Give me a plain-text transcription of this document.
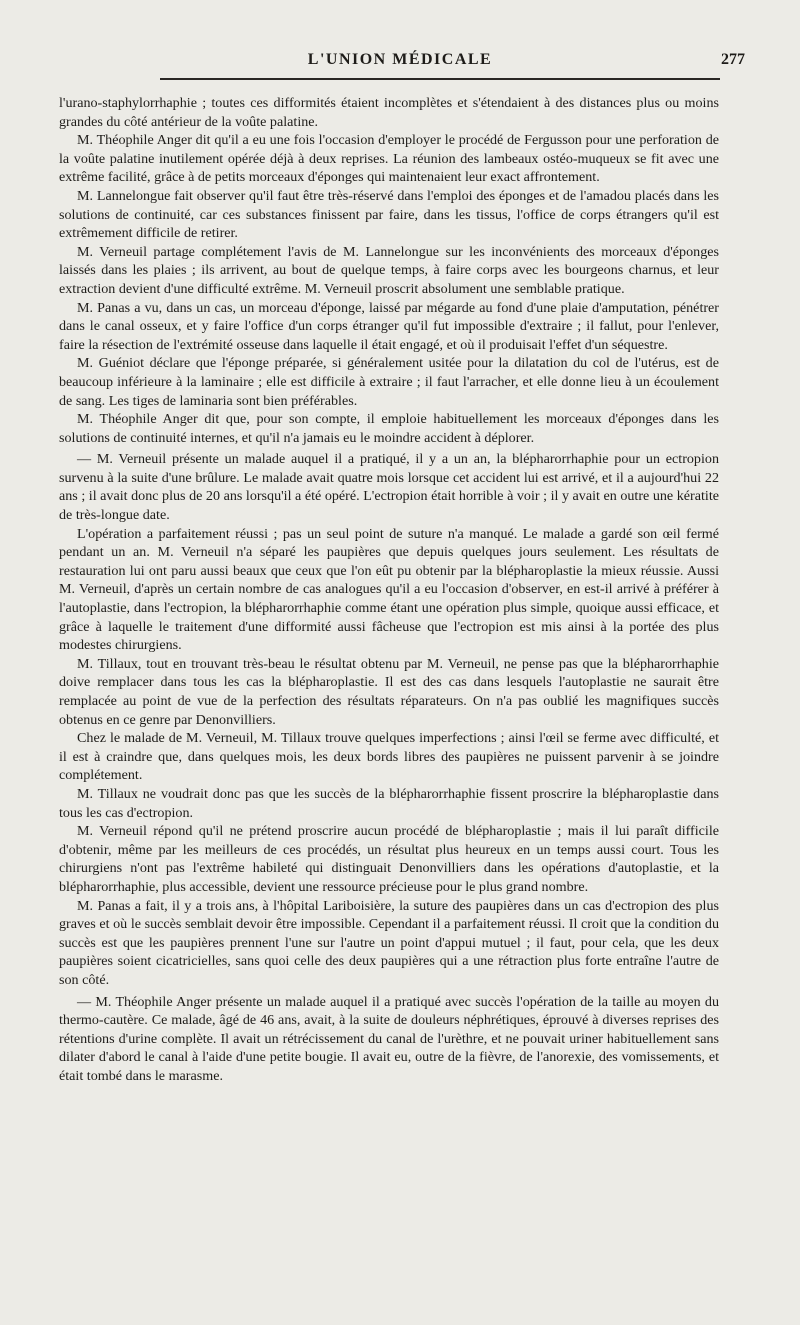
L'UNION MÉDICALE	277

l'urano-staphylorrhaphie ; toutes ces difformités étaient incomplètes et s'étendaient à des distances plus ou moins grandes du côté antérieur de la voûte palatine.

M. Théophile Anger dit qu'il a eu une fois l'occasion d'employer le procédé de Fergusson pour une perforation de la voûte palatine inutilement opérée déjà à deux reprises. La réunion des lambeaux ostéo-muqueux se fit avec une extrême facilité, grâce à de petits morceaux d'éponges qui maintenaient leur exact affrontement.

M. Lannelongue fait observer qu'il faut être très-réservé dans l'emploi des éponges et de l'amadou placés dans les solutions de continuité, car ces substances finissent par faire, dans les tissus, l'office de corps étrangers qu'il est extrêmement difficile de retirer.

M. Verneuil partage complétement l'avis de M. Lannelongue sur les inconvénients des morceaux d'éponges laissés dans les plaies ; ils arrivent, au bout de quelque temps, à faire corps avec les bourgeons charnus, et leur extraction devient d'une difficulté extrême. M. Verneuil proscrit absolument une semblable pratique.

M. Panas a vu, dans un cas, un morceau d'éponge, laissé par mégarde au fond d'une plaie d'amputation, pénétrer dans le canal osseux, et y faire l'office d'un corps étranger qu'il fut impossible d'extraire ; il fallut, pour l'enlever, faire la résection de l'extrémité osseuse dans laquelle il était engagé, et où il produisait l'effet d'un séquestre.

M. Guéniot déclare que l'éponge préparée, si généralement usitée pour la dilatation du col de l'utérus, est de beaucoup inférieure à la laminaire ; elle est difficile à extraire ; il faut l'arracher, et elle donne lieu à un écoulement de sang. Les tiges de laminaria sont bien préférables.

M. Théophile Anger dit que, pour son compte, il emploie habituellement les morceaux d'éponges dans les solutions de continuité internes, et qu'il n'a jamais eu le moindre accident à déplorer.

— M. Verneuil présente un malade auquel il a pratiqué, il y a un an, la blépharorrhaphie pour un ectropion survenu à la suite d'une brûlure. Le malade avait quatre mois lorsque cet accident lui est arrivé, et il a aujourd'hui 22 ans ; il avait donc plus de 20 ans lorsqu'il a été opéré. L'ectropion était horrible à voir ; il y avait en outre une kératite de très-longue date.

L'opération a parfaitement réussi ; pas un seul point de suture n'a manqué. Le malade a gardé son œil fermé pendant un an. M. Verneuil n'a séparé les paupières que depuis quelques jours seulement. Les résultats de restauration lui ont paru aussi beaux que ceux que l'on eût pu obtenir par la blépharoplastie la mieux réussie. Aussi M. Verneuil, d'après un certain nombre de cas analogues qu'il a eu l'occasion d'observer, en est-il arrivé à préférer à l'autoplastie, dans l'ectropion, la blépharorrhaphie comme étant une opération plus simple, quoique aussi efficace, et grâce à laquelle le traitement d'une difformité aussi fâcheuse que l'ectropion est mis ainsi à la portée des plus modestes chirurgiens.

M. Tillaux, tout en trouvant très-beau le résultat obtenu par M. Verneuil, ne pense pas que la blépharorrhaphie doive remplacer dans tous les cas la blépharoplastie. Il est des cas dans lesquels l'autoplastie ne saurait être remplacée au point de vue de la perfection des résultats réparateurs. On n'a pas oublié les magnifiques succès obtenus en ce genre par Denonvilliers.

Chez le malade de M. Verneuil, M. Tillaux trouve quelques imperfections ; ainsi l'œil se ferme avec difficulté, et il est à craindre que, dans quelques mois, les deux bords libres des paupières ne puissent parvenir à se joindre complétement.

M. Tillaux ne voudrait donc pas que les succès de la blépharorrhaphie fissent proscrire la blépharoplastie dans tous les cas d'ectropion.

M. Verneuil répond qu'il ne prétend proscrire aucun procédé de blépharoplastie ; mais il lui paraît difficile d'obtenir, même par les meilleurs de ces procédés, un résultat plus heureux en un temps aussi court. Tous les chirurgiens n'ont pas l'extrême habileté qui distinguait Denonvilliers dans les opérations d'autoplastie, et la blépharorrhaphie, plus accessible, devient une ressource précieuse pour le plus grand nombre.

M. Panas a fait, il y a trois ans, à l'hôpital Lariboisière, la suture des paupières dans un cas d'ectropion des plus graves et où le succès semblait devoir être impossible. Cependant il a parfaitement réussi. Il croit que la condition du succès est que les paupières prennent l'une sur l'autre un point d'appui mutuel ; il faut, pour cela, que les deux paupières soient cicatricielles, sans quoi celle des deux paupières qui a une rétraction plus forte entraîne l'autre de son côté.

— M. Théophile Anger présente un malade auquel il a pratiqué avec succès l'opération de la taille au moyen du thermo-cautère. Ce malade, âgé de 46 ans, avait, à la suite de douleurs néphrétiques, éprouvé à diverses reprises des rétentions d'urine complète. Il avait un rétrécissement du canal de l'urèthre, et ne pouvait uriner habituellement sans dilater d'abord le canal à l'aide d'une petite bougie. Il avait eu, outre de la fièvre, de l'anorexie, des vomissements, et était tombé dans le marasme.
